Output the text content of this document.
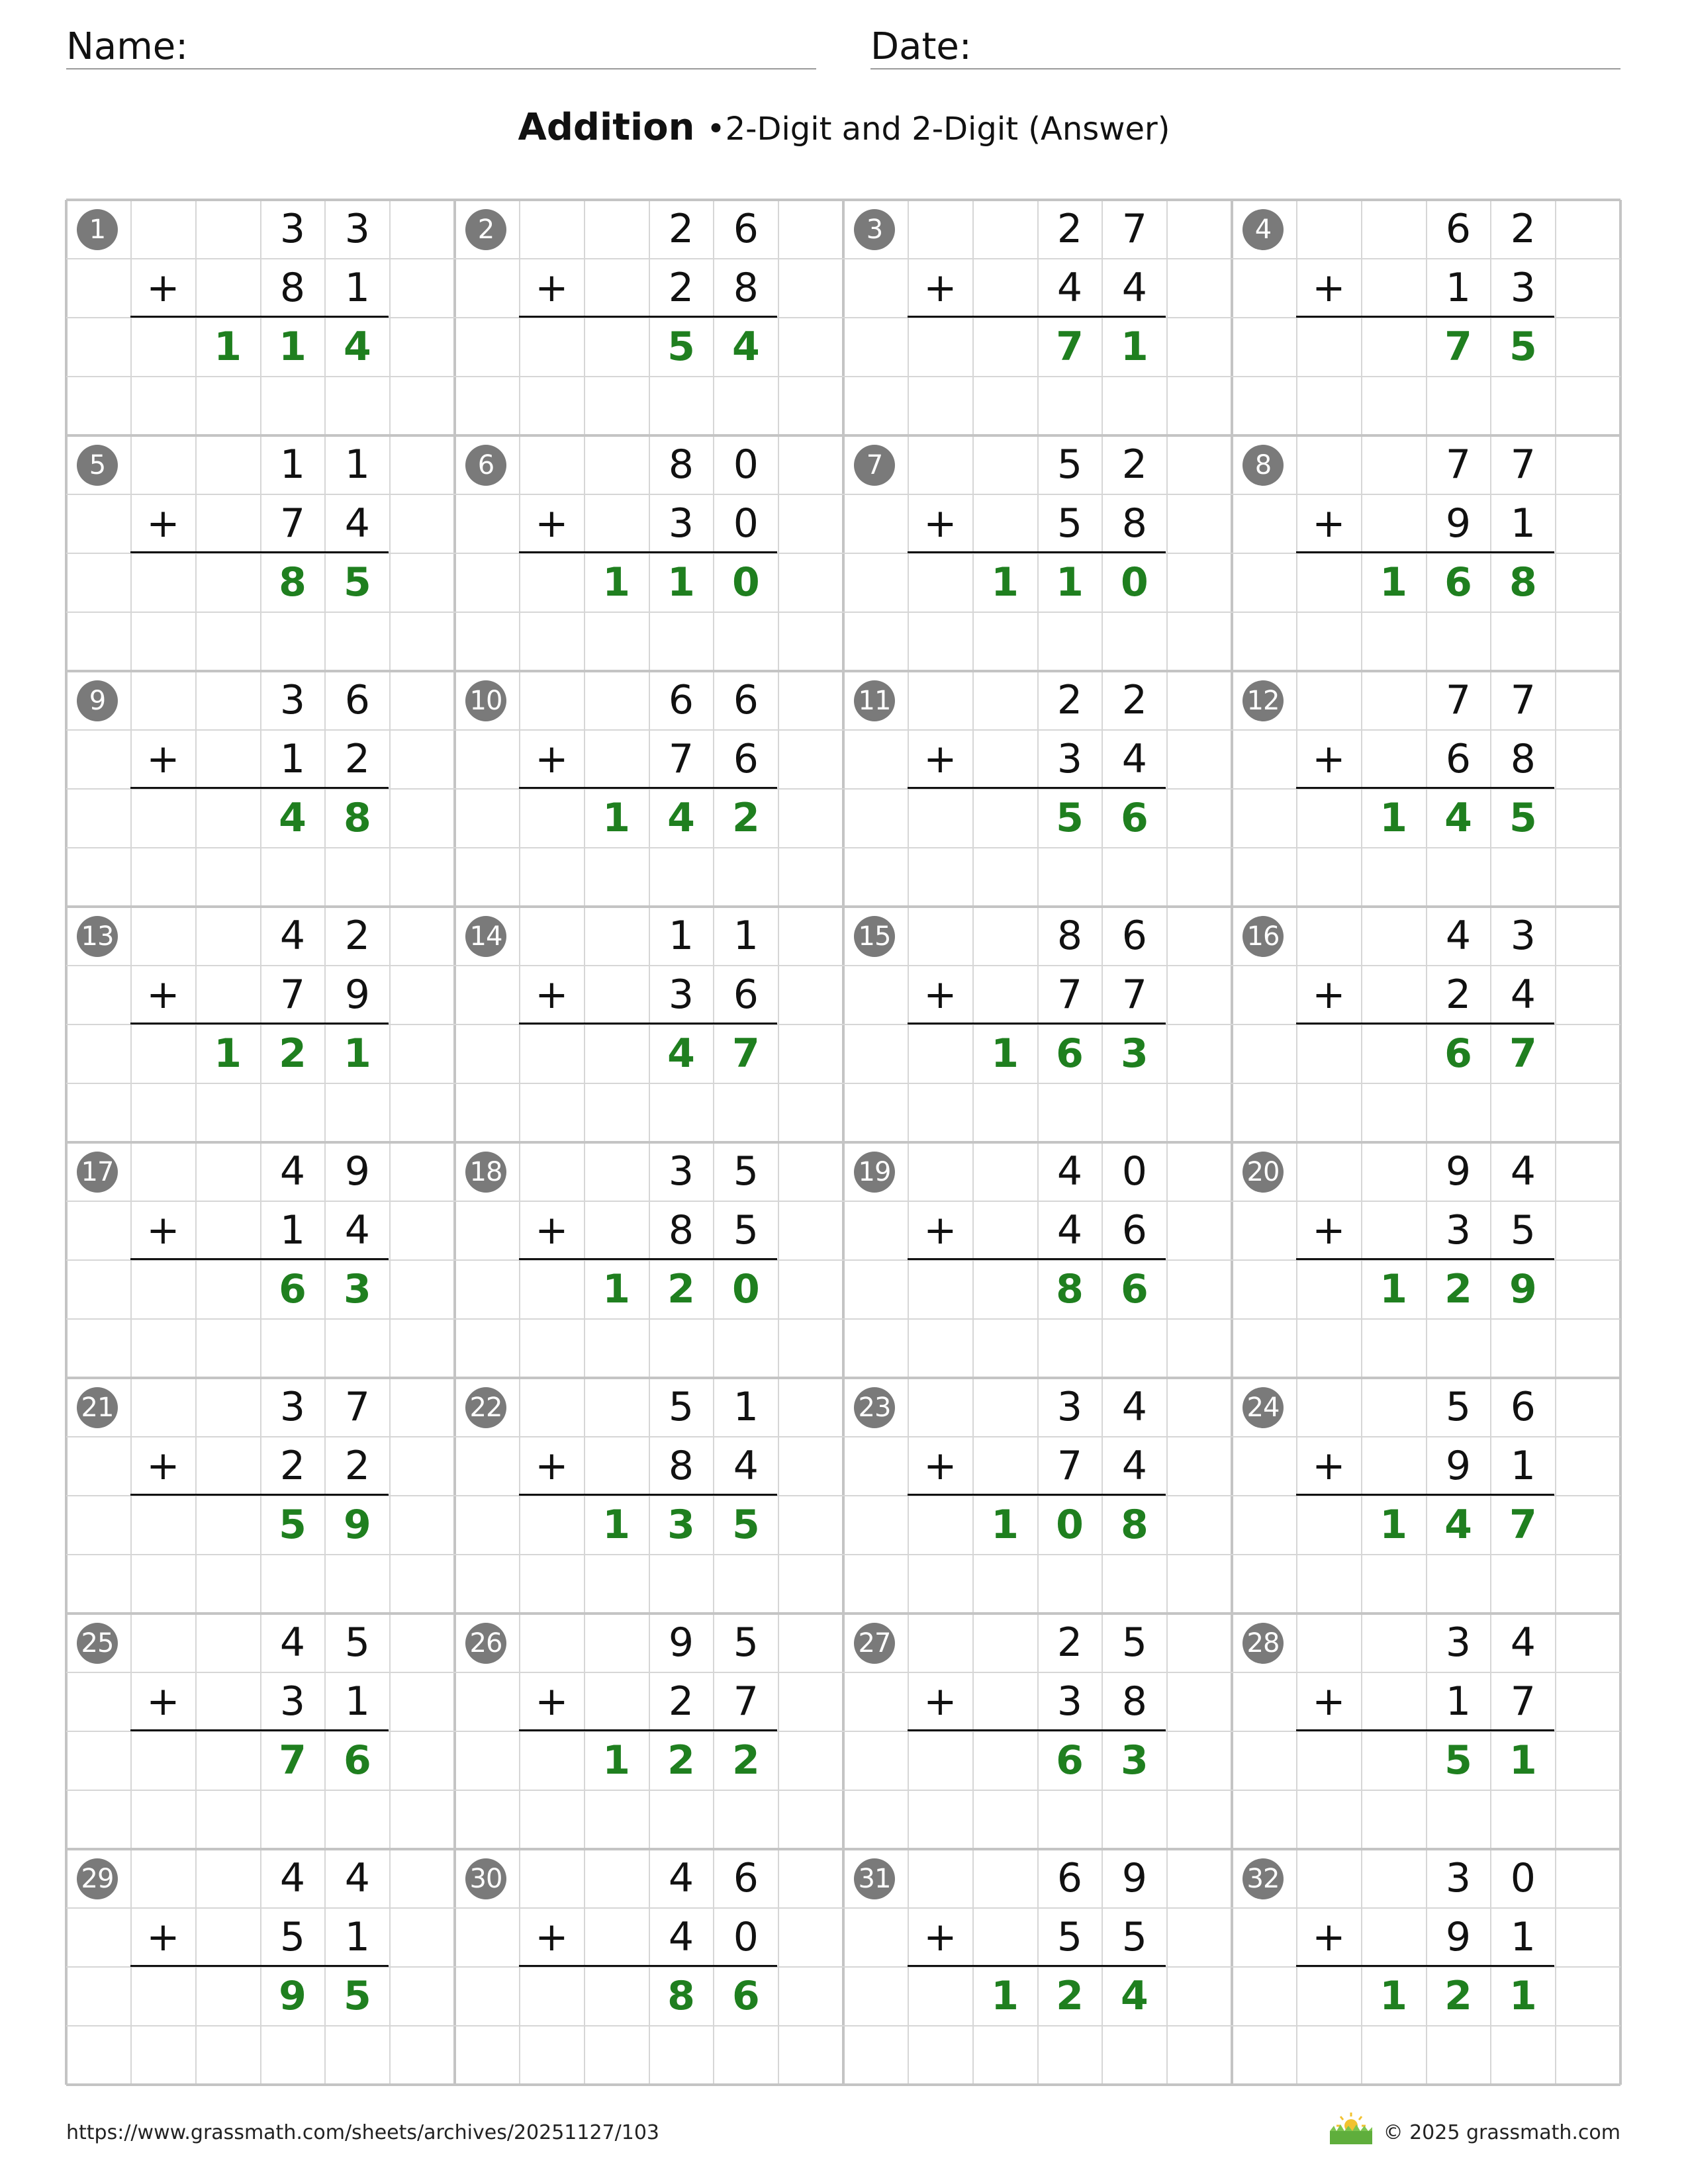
Name:	Date:
Addition •2-Digit and 2-Digit (Answer)
1	3 3
+	8 1
1 1 4
2	2 6
+	2 8
5 4
3	2 7
+	4 4
7 1
4	6 2
+	1 3
7 5
5	1 1
+	7 4
8 5
6	8 0
+	3 0
1 1 0
7	5 2
+	5 8
1 1 0
8	7 7
+	9 1
1 6 8
9	3 6
+	1 2
4 8
10	6 6
+	7 6
1 4 2
11	2 2
+	3 4
5 6
12	7 7
+	6 8
1 4 5
13	4 2
+	7 9
1 2 1
14	1 1
+	3 6
4 7
15	8 6
+	7 7
1 6 3
16	4 3
+	2 4
6 7
17	4 9
+	1 4
6 3
18	3 5
+	8 5
1 2 0
19	4 0
+	4 6
8 6
20	9 4
+	3 5
1 2 9
21	3 7
+	2 2
5 9
22	5 1
+	8 4
1 3 5
23	3 4
+	7 4
1 0 8
24	5 6
+	9 1
1 4 7
25	4 5
+	3 1
7 6
26	9 5
+	2 7
1 2 2
27	2 5
+	3 8
6 3
28	3 4
+	1 7
5 1
29	4 4
+	5 1
9 5
30	4 6
+	4 0
8 6
31	6 9
+	5 5
1 2 4
32	3 0
+	9 1
1 2 1
https://www.grassmath.com/sheets/archives/20251127/103	© 2025 grassmath.com
